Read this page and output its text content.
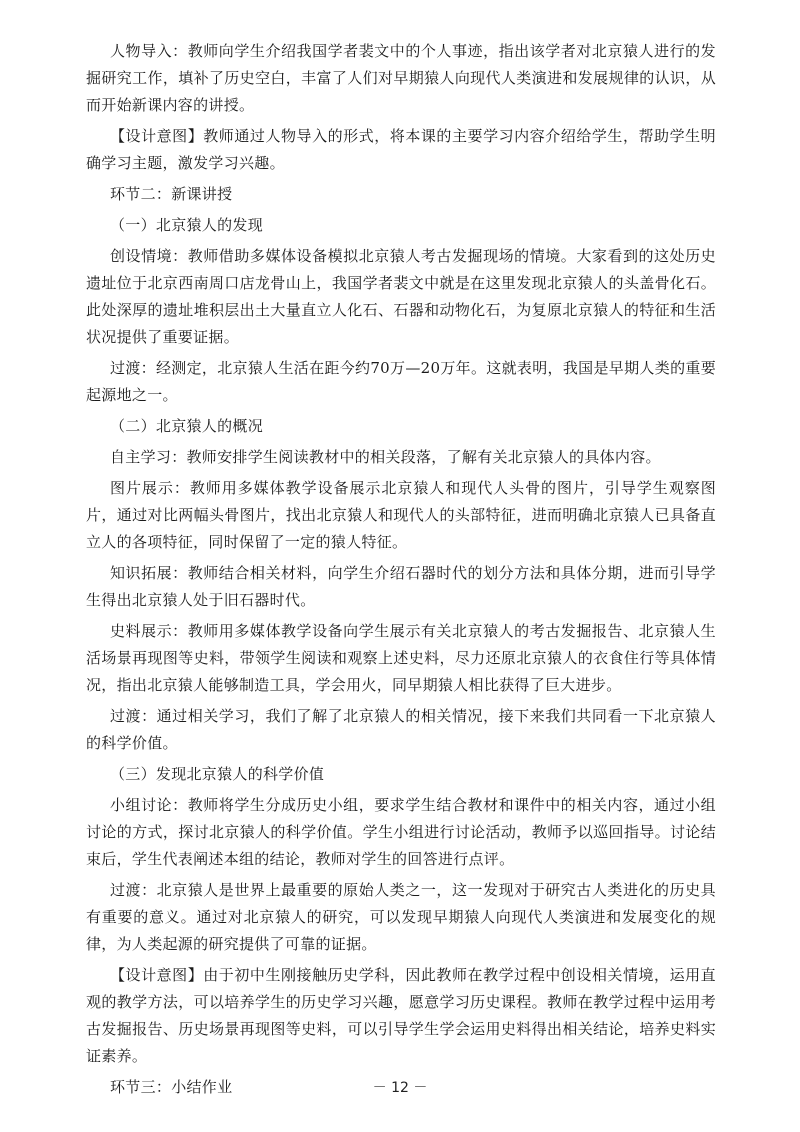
人物导入：教师向学生介绍我国学者裴文中的个人事迹，指出该学者对北京猿人进行的发掘研究工作，填补了历史空白，丰富了人们对早期猿人向现代人类演进和发展规律的认识，从而开始新课内容的讲授。

【设计意图】教师通过人物导入的形式，将本课的主要学习内容介绍给学生，帮助学生明确学习主题，激发学习兴趣。

环节二：新课讲授

（一）北京猿人的发现

创设情境：教师借助多媒体设备模拟北京猿人考古发掘现场的情境。大家看到的这处历史遗址位于北京西南周口店龙骨山上，我国学者裴文中就是在这里发现北京猿人的头盖骨化石。此处深厚的遗址堆积层出土大量直立人化石、石器和动物化石，为复原北京猿人的特征和生活状况提供了重要证据。

过渡：经测定，北京猿人生活在距今约70万—20万年。这就表明，我国是早期人类的重要起源地之一。

（二）北京猿人的概况

自主学习：教师安排学生阅读教材中的相关段落，了解有关北京猿人的具体内容。

图片展示：教师用多媒体教学设备展示北京猿人和现代人头骨的图片，引导学生观察图片，通过对比两幅头骨图片，找出北京猿人和现代人的头部特征，进而明确北京猿人已具备直立人的各项特征，同时保留了一定的猿人特征。

知识拓展：教师结合相关材料，向学生介绍石器时代的划分方法和具体分期，进而引导学生得出北京猿人处于旧石器时代。

史料展示：教师用多媒体教学设备向学生展示有关北京猿人的考古发掘报告、北京猿人生活场景再现图等史料，带领学生阅读和观察上述史料，尽力还原北京猿人的衣食住行等具体情况，指出北京猿人能够制造工具，学会用火，同早期猿人相比获得了巨大进步。

过渡：通过相关学习，我们了解了北京猿人的相关情况，接下来我们共同看一下北京猿人的科学价值。

（三）发现北京猿人的科学价值

小组讨论：教师将学生分成历史小组，要求学生结合教材和课件中的相关内容，通过小组讨论的方式，探讨北京猿人的科学价值。学生小组进行讨论活动，教师予以巡回指导。讨论结束后，学生代表阐述本组的结论，教师对学生的回答进行点评。

过渡：北京猿人是世界上最重要的原始人类之一，这一发现对于研究古人类进化的历史具有重要的意义。通过对北京猿人的研究，可以发现早期猿人向现代人类演进和发展变化的规律，为人类起源的研究提供了可靠的证据。

【设计意图】由于初中生刚接触历史学科，因此教师在教学过程中创设相关情境，运用直观的教学方法，可以培养学生的历史学习兴趣，愿意学习历史课程。教师在教学过程中运用考古发掘报告、历史场景再现图等史料，可以引导学生学会运用史料得出相关结论，培养史料实证素养。

环节三：小结作业	－ 12 －
